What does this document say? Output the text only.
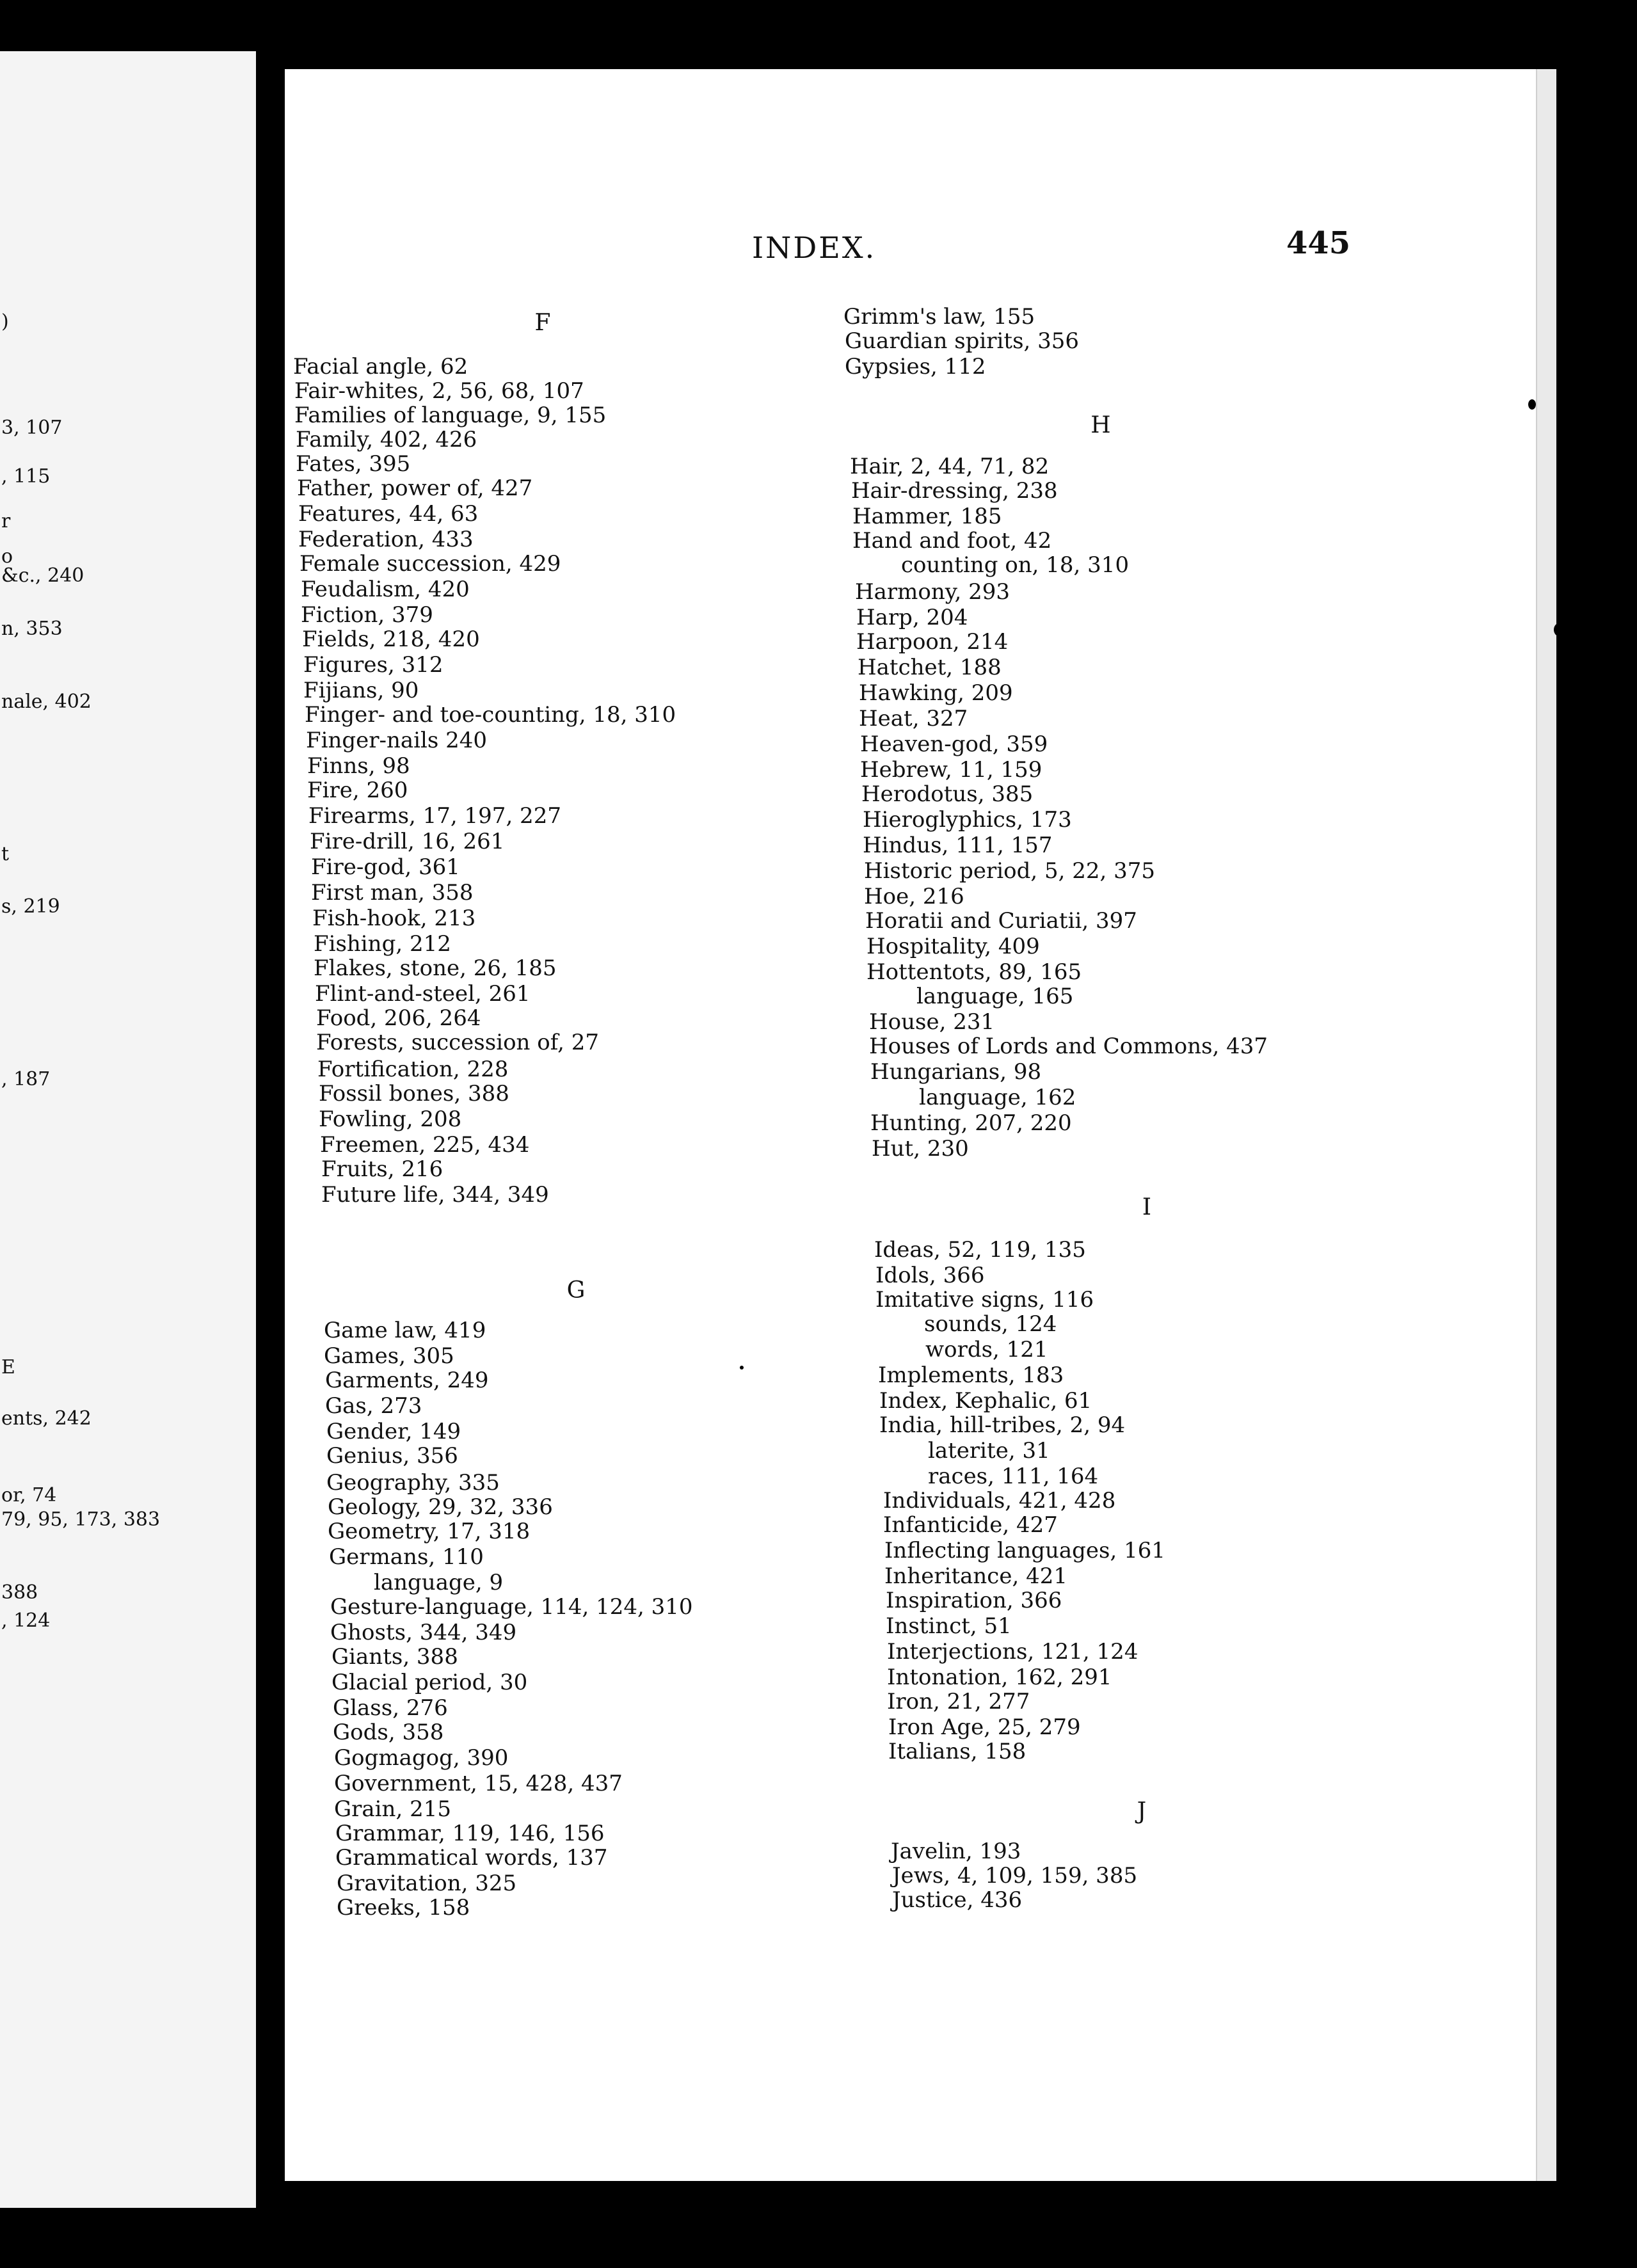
)
3, 107
, 115
r
o
&c., 240
n, 353
nale, 402
t
s, 219
, 187
E
ents, 242
or, 74
79, 95, 173, 383
388
, 124
INDEX.	445
F
G
H
I
J
Facial angle, 62
Fair-whites, 2, 56, 68, 107
Families of language, 9, 155
Family, 402, 426
Fates, 395
Father, power of, 427
Features, 44, 63
Federation, 433
Female succession, 429
Feudalism, 420
Fiction, 379
Fields, 218, 420
Figures, 312
Fijians, 90
Finger- and toe-counting, 18, 310
Finger-nails 240
Finns, 98
Fire, 260
Firearms, 17, 197, 227
Fire-drill, 16, 261
Fire-god, 361
First man, 358
Fish-hook, 213
Fishing, 212
Flakes, stone, 26, 185
Flint-and-steel, 261
Food, 206, 264
Forests, succession of, 27
Fortification, 228
Fossil bones, 388
Fowling, 208
Freemen, 225, 434
Fruits, 216
Future life, 344, 349
Game law, 419
Games, 305
Garments, 249
Gas, 273
Gender, 149
Genius, 356
Geography, 335
Geology, 29, 32, 336
Geometry, 17, 318
Germans, 110
language, 9
Gesture-language, 114, 124, 310
Ghosts, 344, 349
Giants, 388
Glacial period, 30
Glass, 276
Gods, 358
Gogmagog, 390
Government, 15, 428, 437
Grain, 215
Grammar, 119, 146, 156
Grammatical words, 137
Gravitation, 325
Greeks, 158
Grimm's law, 155
Guardian spirits, 356
Gypsies, 112
Hair, 2, 44, 71, 82
Hair-dressing, 238
Hammer, 185
Hand and foot, 42
counting on, 18, 310
Harmony, 293
Harp, 204
Harpoon, 214
Hatchet, 188
Hawking, 209
Heat, 327
Heaven-god, 359
Hebrew, 11, 159
Herodotus, 385
Hieroglyphics, 173
Hindus, 111, 157
Historic period, 5, 22, 375
Hoe, 216
Horatii and Curiatii, 397
Hospitality, 409
Hottentots, 89, 165
language, 165
House, 231
Houses of Lords and Commons, 437
Hungarians, 98
language, 162
Hunting, 207, 220
Hut, 230
Ideas, 52, 119, 135
Idols, 366
Imitative signs, 116
sounds, 124
words, 121
Implements, 183
Index, Kephalic, 61
India, hill-tribes, 2, 94
laterite, 31
races, 111, 164
Individuals, 421, 428
Infanticide, 427
Inflecting languages, 161
Inheritance, 421
Inspiration, 366
Instinct, 51
Interjections, 121, 124
Intonation, 162, 291
Iron, 21, 277
Iron Age, 25, 279
Italians, 158
Javelin, 193
Jews, 4, 109, 159, 385
Justice, 436
